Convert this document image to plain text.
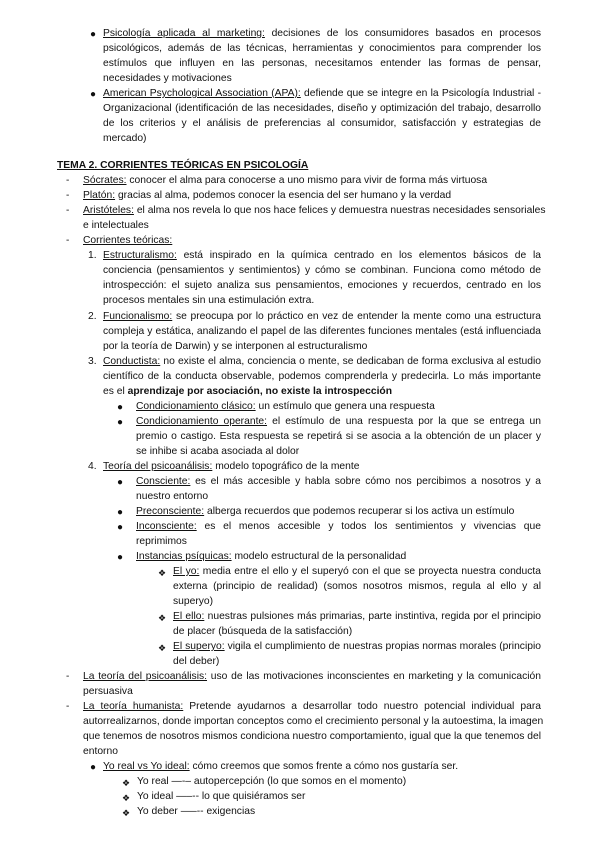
● Psicología aplicada al marketing: decisiones de los consumidores basados en procesos
psicológicos, además de las técnicas, herramientas y conocimientos para comprender los
estímulos que influyen en las personas, necesitamos entender las formas de pensar,
necesidades y motivaciones
● American Psychological Association (APA): defiende que se integre en la Psicología Industrial -
Organizacional (identificación de las necesidades, diseño y optimización del trabajo, desarrollo
de los criterios y el análisis de preferencias al consumidor, satisfacción y estrategias de
mercado)
TEMA 2. CORRIENTES TEÓRICAS EN PSICOLOGÍA
- Sócrates: conocer el alma para conocerse a uno mismo para vivir de forma más virtuosa
- Platón: gracias al alma, podemos conocer la esencia del ser humano y la verdad
- Aristóteles: el alma nos revela lo que nos hace felices y demuestra nuestras necesidades sensoriales
e intelectuales
- Corrientes teóricas:
1. Estructuralismo: está inspirado en la química centrado en los elementos básicos de la
conciencia (pensamientos y sentimientos) y cómo se combinan. Funciona como método de
introspección: el sujeto analiza sus pensamientos, emociones y recuerdos, centrado en los
procesos mentales sin una estimulación extra.
2. Funcionalismo: se preocupa por lo práctico en vez de entender la mente como una estructura
compleja y estática, analizando el papel de las diferentes funciones mentales (está influenciada
por la teoría de Darwin) y se interponen al estructuralismo
3. Conductista: no existe el alma, conciencia o mente, se dedicaban de forma exclusiva al estudio
científico de la conducta observable, podemos comprenderla y predecirla. Lo más importante
es el aprendizaje por asociación, no existe la introspección
● Condicionamiento clásico: un estímulo que genera una respuesta
● Condicionamiento operante: el estímulo de una respuesta por la que se entrega un
premio o castigo. Esta respuesta se repetirá si se asocia a la obtención de un placer y
se inhibe si acaba asociada al dolor
4. Teoría del psicoanálisis: modelo topográfico de la mente
● Consciente: es el más accesible y habla sobre cómo nos percibimos a nosotros y a
nuestro entorno
● Preconsciente: alberga recuerdos que podemos recuperar si los activa un estímulo
● Inconsciente: es el menos accesible y todos los sentimientos y vivencias que
reprimimos
● Instancias psíquicas: modelo estructural de la personalidad
❖ El yo: media entre el ello y el superyó con el que se proyecta nuestra conducta
externa (principio de realidad) (somos nosotros mismos, regula al ello y al
superyo)
❖ El ello: nuestras pulsiones más primarias, parte instintiva, regida por el principio
de placer (búsqueda de la satisfacción)
❖ El superyo: vigila el cumplimiento de nuestras propias normas morales (principio
del deber)
- La teoría del psicoanálisis: uso de las motivaciones inconscientes en marketing y la comunicación
persuasiva
- La teoría humanista: Pretende ayudarnos a desarrollar todo nuestro potencial individual para
autorrealizarnos, donde importan conceptos como el crecimiento personal y la autoestima, la imagen
que tenemos de nosotros mismos condiciona nuestro comportamiento, igual que la que tenemos del
entorno
● Yo real vs Yo ideal: cómo creemos que somos frente a cómo nos gustaría ser.
❖ Yo real —-– autopercepción (lo que somos en el momento)
❖ Yo ideal —–-- lo que quisiéramos ser
❖ Yo deber —–-- exigencias
